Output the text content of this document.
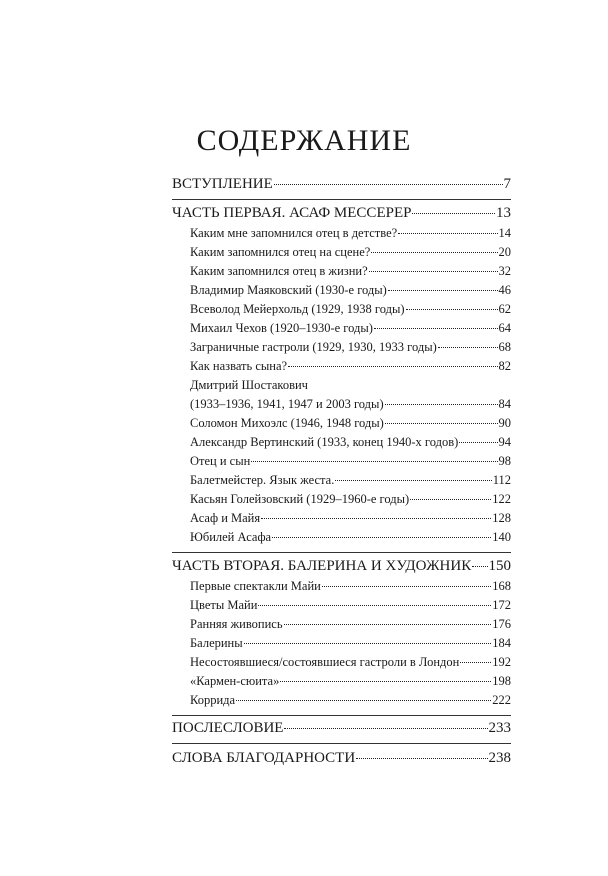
СОДЕРЖАНИЕ
ВСТУПЛЕНИЕ	7
ЧАСТЬ ПЕРВАЯ. АСАФ МЕССЕРЕР	13
Каким мне запомнился отец в детстве?	14
Каким запомнился отец на сцене?	20
Каким запомнился отец в жизни?	32
Владимир Маяковский (1930-е годы)	46
Всеволод Мейерхольд (1929, 1938 годы)	62
Михаил Чехов (1920–1930-е годы)	64
Заграничные гастроли (1929, 1930, 1933 годы)	68
Как назвать сына?	82
Дмитрий Шостакович
(1933–1936, 1941, 1947 и 2003 годы)	84
Соломон Михоэлс (1946, 1948 годы)	90
Александр Вертинский (1933, конец 1940-х годов)	94
Отец и сын	98
Балетмейстер. Язык жеста.	112
Касьян Голейзовский (1929–1960-е годы)	122
Асаф и Майя	128
Юбилей Асафа	140
ЧАСТЬ ВТОРАЯ. БАЛЕРИНА И ХУДОЖНИК 150
Первые спектакли Майи	168
Цветы Майи	172
Ранняя живопись	176
Балерины	184
Несостоявшиеся/состоявшиеся гастроли в Лондон	192
«Кармен-сюита»	198
Коррида	222
ПОСЛЕСЛОВИЕ	233
СЛОВА БЛАГОДАРНОСТИ	238
